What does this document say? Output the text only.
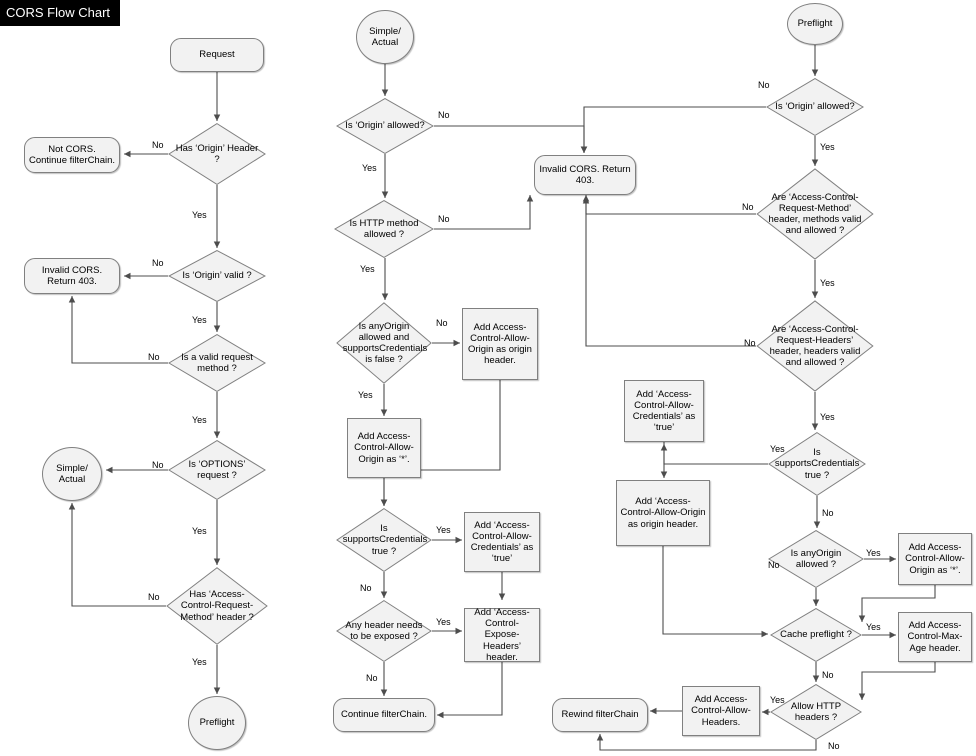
CORS Flow Chart
Request
Has ‘Origin’ Header ?
Not CORS. Continue filterChain.
Is ‘Origin’ valid ?
Invalid CORS. Return 403.
Is a valid request method ?
Is ‘OPTIONS’ request ?
Simple/ Actual
Has ‘Access-Control-Request-Method’ header ?
Preflight
Simple/ Actual
Is ‘Origin’ allowed?
Invalid CORS. Return 403.
Is HTTP method allowed ?
Is anyOrigin allowed and supportsCredentials is false ?
Add Access-Control-Allow-Origin as origin header.
Add Access-Control-Allow-Origin as ‘*’.
Is supportsCredentials true ?
Add ‘Access-Control-Allow-Credentials’ as ‘true’
Any header needs to be exposed ?
Add ‘Access-Control-Expose-Headers’ header.
Continue filterChain.
Preflight
Is ‘Origin’ allowed?
Are ‘Access-Control-Request-Method’ header, methods valid and allowed ?
Are ‘Access-Control-Request-Headers’ header, headers valid and allowed ?
Is supportsCredentials true ?
Add ‘Access-Control-Allow-Credentials’ as ‘true’
Add ‘Access-Control-Allow-Origin as origin header.
Is anyOrigin allowed ?
Add Access-Control-Allow-Origin as ‘*’.
Cache preflight ?
Add Access-Control-Max-Age header.
Allow HTTP headers ?
Add Access-Control-Allow-Headers.
Rewind filterChain
No
Yes
No
Yes
No
Yes
No
Yes
No
Yes
No
Yes
No
Yes
No
Yes
Yes
No
Yes
No
No
Yes
No
Yes
No
Yes
Yes
No
No
Yes
Yes
No
Yes
No
